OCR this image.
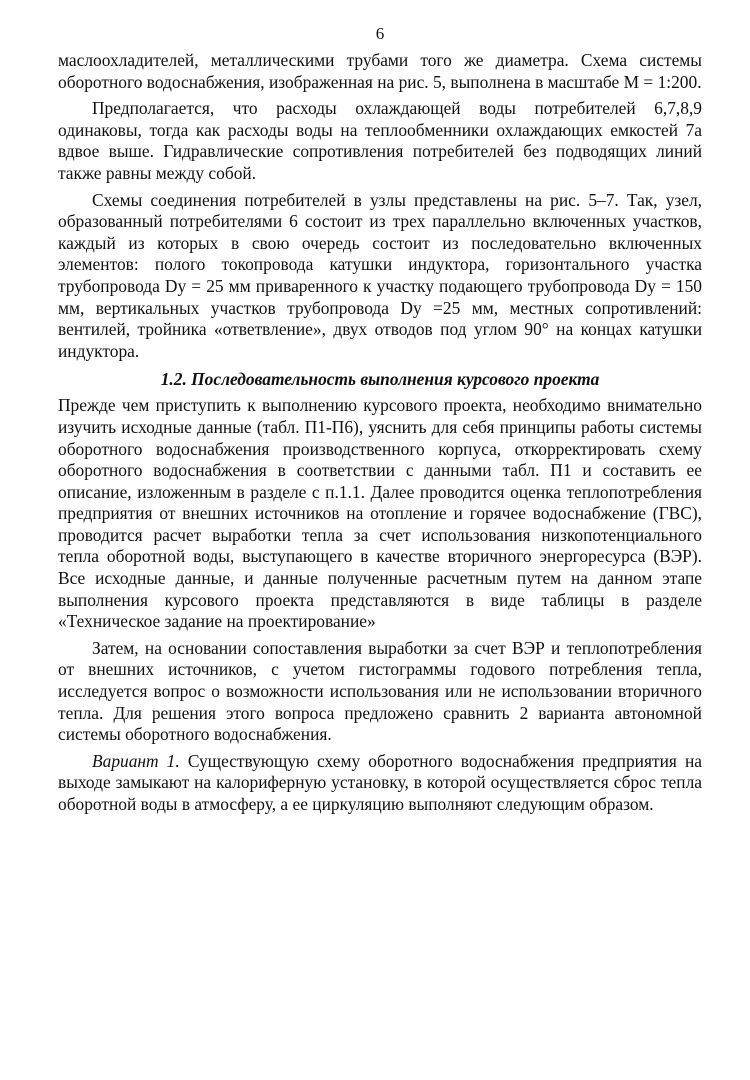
6

маслоохладителей, металлическими трубами того же диаметра. Схема системы оборотного водоснабжения, изображенная на рис. 5, выполнена в масштабе М = 1:200.

Предполагается, что расходы охлаждающей воды потребителей 6,7,8,9 одинаковы, тогда как расходы воды на теплообменники охлаждающих емкостей 7а вдвое выше. Гидравлические сопротивления потребителей без подводящих линий также равны между собой.

Схемы соединения потребителей в узлы представлены на рис. 5–7. Так, узел, образованный потребителями 6 состоит из трех параллельно включенных участков, каждый из которых в свою очередь состоит из последовательно включенных элементов: полого токопровода катушки индуктора, горизонтального участка трубопровода Dy = 25 мм приваренного к участку подающего трубопровода Dy = 150 мм, вертикальных участков трубопровода Dy =25 мм, местных сопротивлений: вентилей, тройника «ответвление», двух отводов под углом 90° на концах катушки индуктора.

1.2. Последовательность выполнения курсового проекта

Прежде чем приступить к выполнению курсового проекта, необходимо внимательно изучить исходные данные (табл. П1-П6), уяснить для себя принципы работы системы оборотного водоснабжения производственного корпуса, откорректировать схему оборотного водоснабжения в соответствии с данными табл. П1 и составить ее описание, изложенным в разделе с п.1.1. Далее проводится оценка теплопотребления предприятия от внешних источников на отопление и горячее водоснабжение (ГВС), проводится расчет выработки тепла за счет использования низкопотенциального тепла оборотной воды, выступающего в качестве вторичного энергоресурса (ВЭР). Все исходные данные, и данные полученные расчетным путем на данном этапе выполнения курсового проекта представляются в виде таблицы в разделе «Техническое задание на проектирование»

Затем, на основании сопоставления выработки за счет ВЭР и теплопотребления от внешних источников, с учетом гистограммы годового потребления тепла, исследуется вопрос о возможности использования или не использовании вторичного тепла. Для решения этого вопроса предложено сравнить 2 варианта автономной системы оборотного водоснабжения.

Вариант 1. Существующую схему оборотного водоснабжения предприятия на выходе замыкают на калориферную установку, в которой осуществляется сброс тепла оборотной воды в атмосферу, а ее циркуляцию выполняют следующим образом.
